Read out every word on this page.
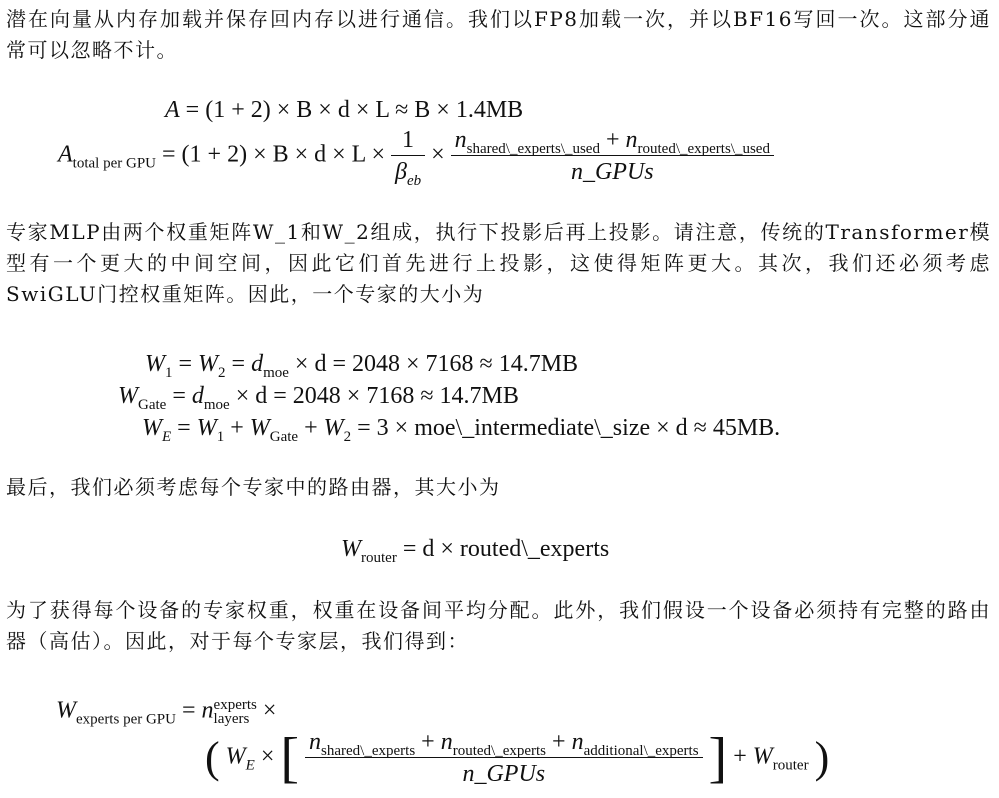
潜在向量从内存加载并保存回内存以进行通信。我们以FP8加载一次，并以BF16写回一次。这部分通常可以忽略不计。

A = (1 + 2) × B × d × L ≈ B × 1.4MB
$A_{total per GPU} = (1 + 2) \times B \times d \times L \times \frac{1}{\beta_{eb}} \times \frac{n_{shared\backslash\_experts\backslash\_used} + n_{routed\backslash\_experts\backslash\_used}}{\text{n\_GPUs}}$

专家MLP由两个权重矩阵W_1和W_2组成，执行下投影后再上投影。请注意，传统的Transformer模型有一个更大的中间空间，因此它们首先进行上投影，这使得矩阵更大。其次，我们还必须考虑SwiGLU门控权重矩阵。因此，一个专家的大小为

$W_1 = W_2 = d_{moe} \times d = 2048 \times 7168 \approx 14.7MB$
$W_{Gate} = d_{moe} \times d = 2048 \times 7168 \approx 14.7MB$
$W_E = W_1 + W_{Gate} + W_2 = 3$ × moe\_intermediate\_size × d ≈ 45MB.

最后，我们必须考虑每个专家中的路由器，其大小为

$W_{router} = d$ × routed\_experts

为了获得每个设备的专家权重，权重在设备间平均分配。此外，我们假设一个设备必须持有完整的路由器（高估）。因此，对于每个专家层，我们得到：

$W_{experts per GPU} = n$ experts
layers ×
( $W_E$ × [ $\frac{n_{shared\backslash\_experts} + n_{routed\backslash\_experts} + n_{additional\backslash\_experts}}{\text{n\_GPUs}}$ ] + $W_{router}$ )
